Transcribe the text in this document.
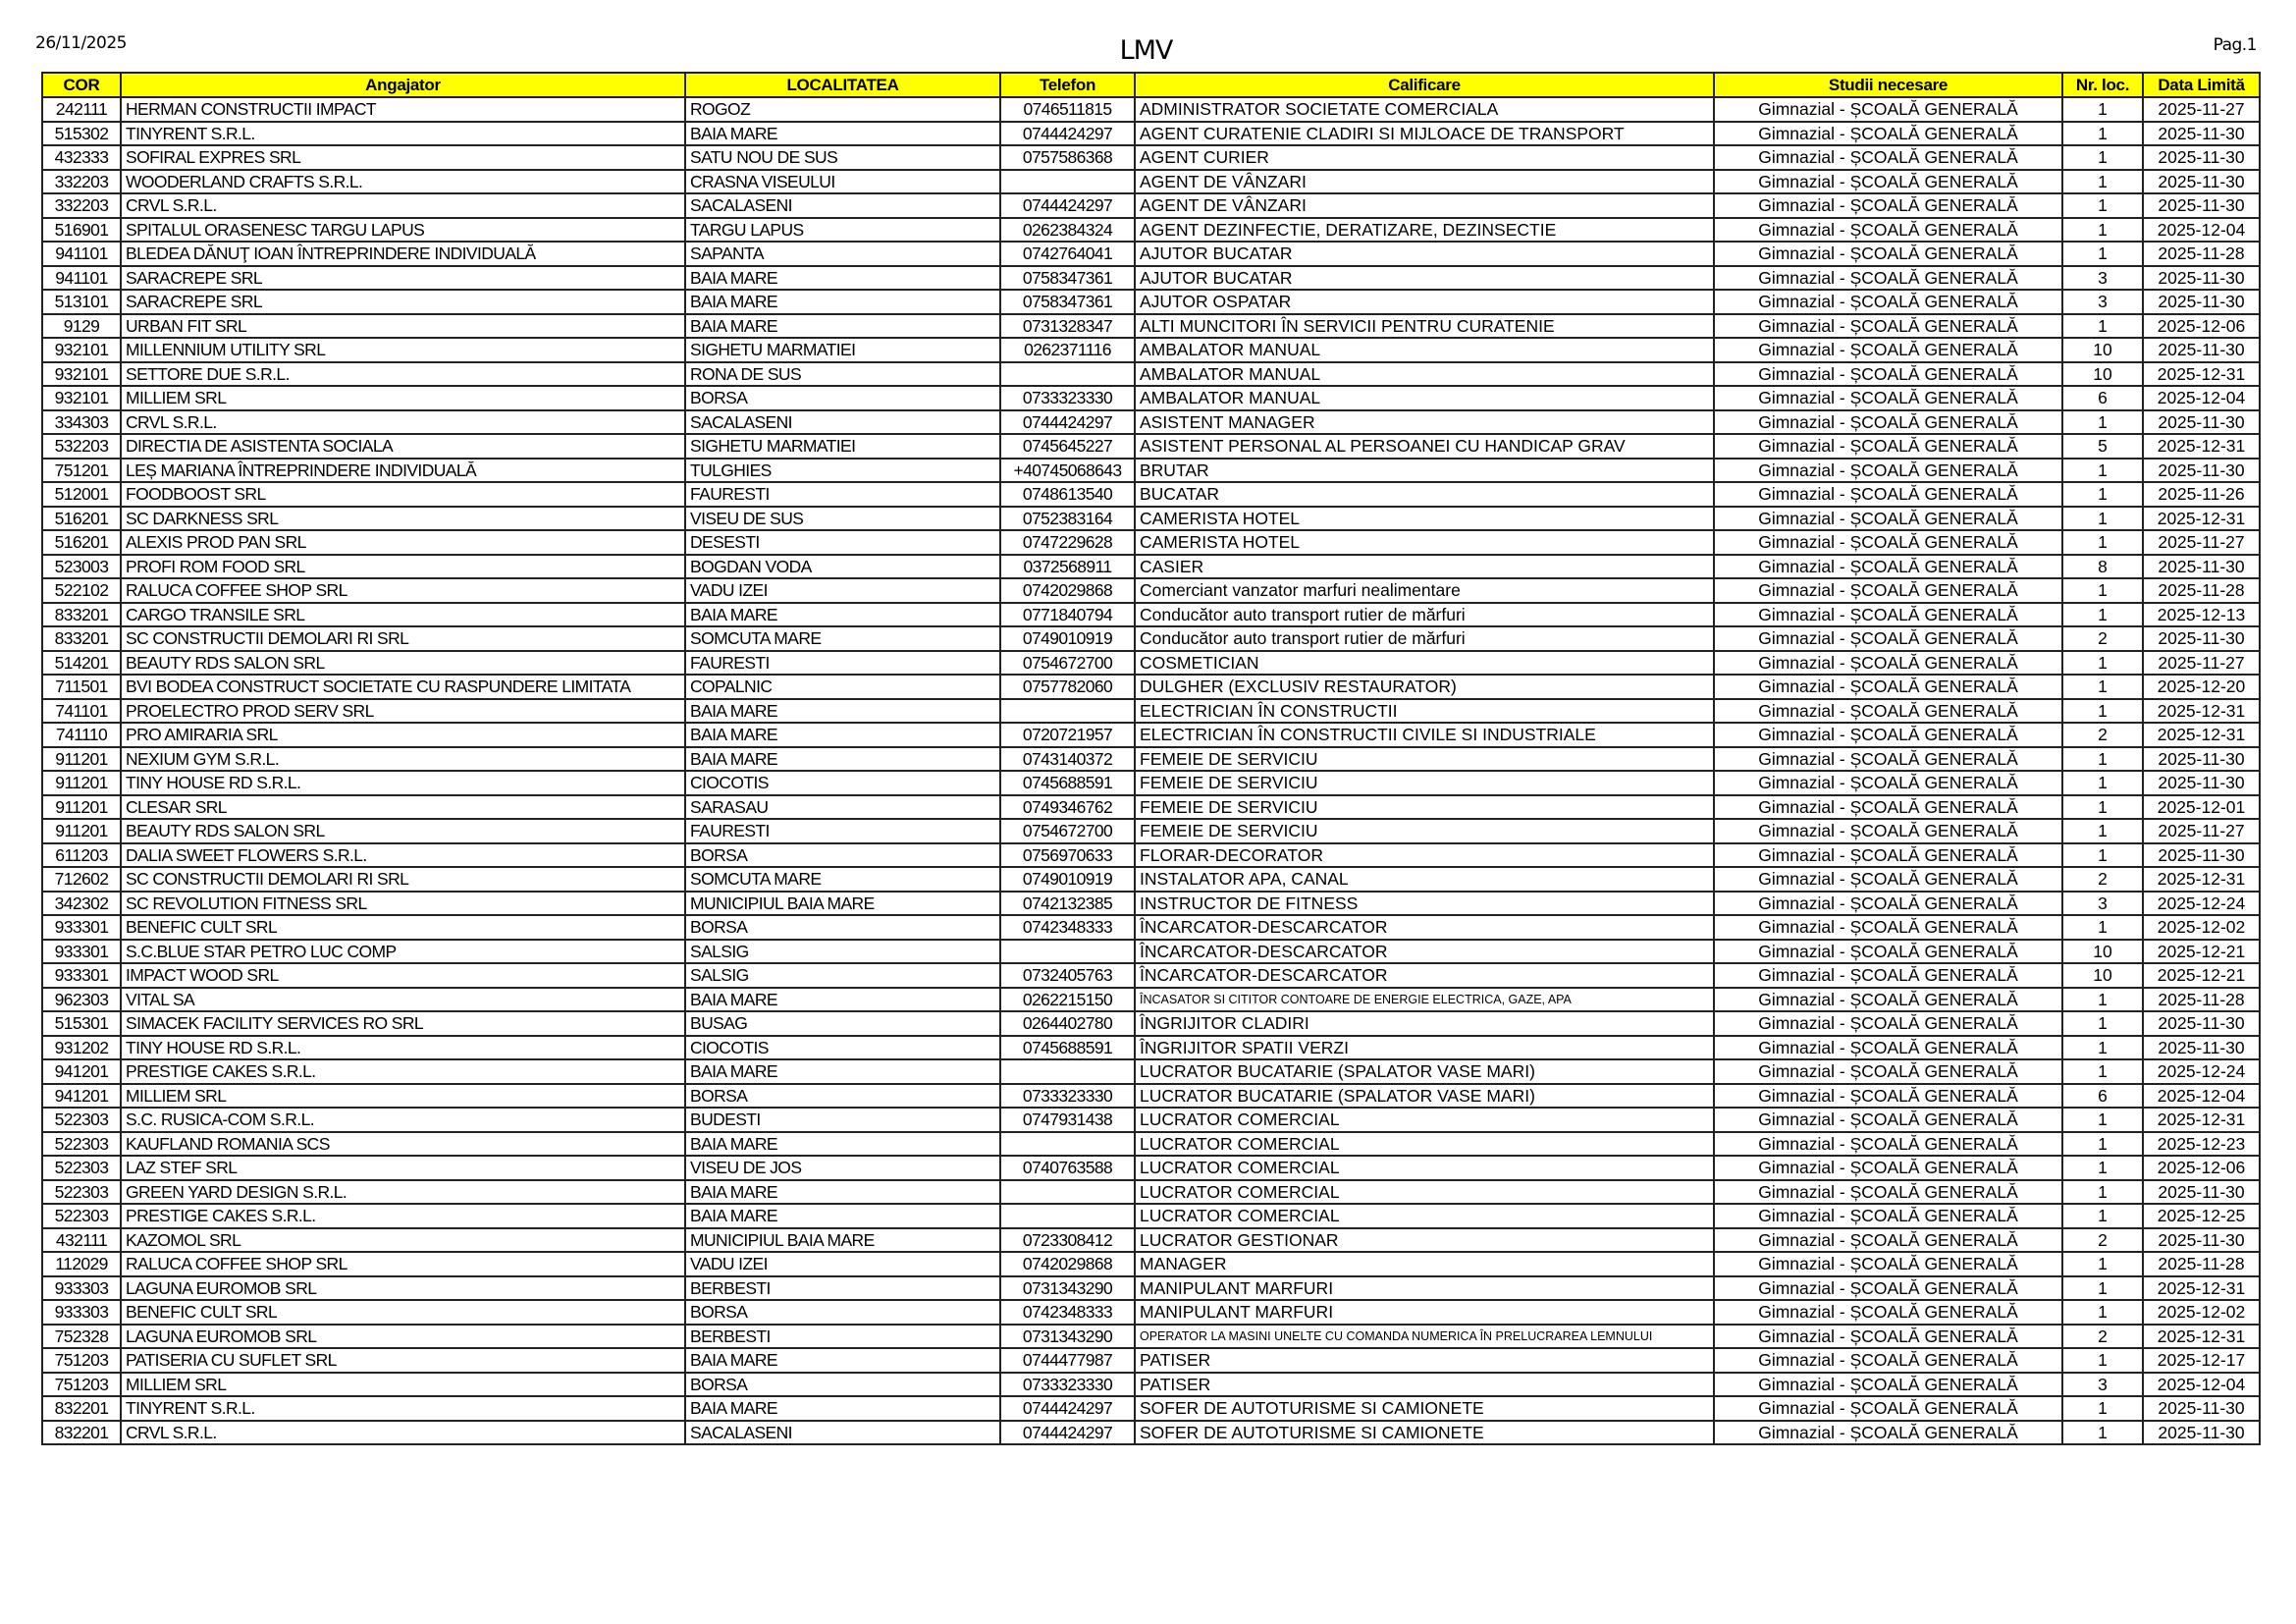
26/11/2025	LMV	Pag.1
COR	Angajator	LOCALITATEA	Telefon	Calificare	Studii necesare	Nr. loc.	Data Limită
242111	HERMAN CONSTRUCTII IMPACT	ROGOZ	0746511815	ADMINISTRATOR SOCIETATE COMERCIALA	Gimnazial - ȘCOALĂ GENERALĂ	1	2025-11-27
515302	TINYRENT S.R.L.	BAIA MARE	0744424297	AGENT CURATENIE CLADIRI SI MIJLOACE DE TRANSPORT	Gimnazial - ȘCOALĂ GENERALĂ	1	2025-11-30
432333	SOFIRAL EXPRES SRL	SATU NOU DE SUS	0757586368	AGENT CURIER	Gimnazial - ȘCOALĂ GENERALĂ	1	2025-11-30
332203	WOODERLAND CRAFTS S.R.L.	CRASNA VISEULUI		AGENT DE VÂNZARI	Gimnazial - ȘCOALĂ GENERALĂ	1	2025-11-30
332203	CRVL S.R.L.	SACALASENI	0744424297	AGENT DE VÂNZARI	Gimnazial - ȘCOALĂ GENERALĂ	1	2025-11-30
516901	SPITALUL ORASENESC TARGU LAPUS	TARGU LAPUS	0262384324	AGENT DEZINFECTIE, DERATIZARE, DEZINSECTIE	Gimnazial - ȘCOALĂ GENERALĂ	1	2025-12-04
941101	BLEDEA DĂNUŢ IOAN ÎNTREPRINDERE INDIVIDUALĂ	SAPANTA	0742764041	AJUTOR BUCATAR	Gimnazial - ȘCOALĂ GENERALĂ	1	2025-11-28
941101	SARACREPE SRL	BAIA MARE	0758347361	AJUTOR BUCATAR	Gimnazial - ȘCOALĂ GENERALĂ	3	2025-11-30
513101	SARACREPE SRL	BAIA MARE	0758347361	AJUTOR OSPATAR	Gimnazial - ȘCOALĂ GENERALĂ	3	2025-11-30
9129	URBAN FIT SRL	BAIA MARE	0731328347	ALTI MUNCITORI ÎN SERVICII PENTRU CURATENIE	Gimnazial - ȘCOALĂ GENERALĂ	1	2025-12-06
932101	MILLENNIUM UTILITY SRL	SIGHETU MARMATIEI	0262371116	AMBALATOR MANUAL	Gimnazial - ȘCOALĂ GENERALĂ	10	2025-11-30
932101	SETTORE DUE S.R.L.	RONA DE SUS		AMBALATOR MANUAL	Gimnazial - ȘCOALĂ GENERALĂ	10	2025-12-31
932101	MILLIEM SRL	BORSA	0733323330	AMBALATOR MANUAL	Gimnazial - ȘCOALĂ GENERALĂ	6	2025-12-04
334303	CRVL S.R.L.	SACALASENI	0744424297	ASISTENT MANAGER	Gimnazial - ȘCOALĂ GENERALĂ	1	2025-11-30
532203	DIRECTIA DE ASISTENTA SOCIALA	SIGHETU MARMATIEI	0745645227	ASISTENT PERSONAL AL PERSOANEI CU HANDICAP GRAV	Gimnazial - ȘCOALĂ GENERALĂ	5	2025-12-31
751201	LEȘ MARIANA ÎNTREPRINDERE INDIVIDUALĂ	TULGHIES	+40745068643	BRUTAR	Gimnazial - ȘCOALĂ GENERALĂ	1	2025-11-30
512001	FOODBOOST SRL	FAURESTI	0748613540	BUCATAR	Gimnazial - ȘCOALĂ GENERALĂ	1	2025-11-26
516201	SC DARKNESS SRL	VISEU DE SUS	0752383164	CAMERISTA HOTEL	Gimnazial - ȘCOALĂ GENERALĂ	1	2025-12-31
516201	ALEXIS PROD PAN SRL	DESESTI	0747229628	CAMERISTA HOTEL	Gimnazial - ȘCOALĂ GENERALĂ	1	2025-11-27
523003	PROFI ROM FOOD SRL	BOGDAN VODA	0372568911	CASIER	Gimnazial - ȘCOALĂ GENERALĂ	8	2025-11-30
522102	RALUCA COFFEE SHOP SRL	VADU IZEI	0742029868	Comerciant vanzator marfuri nealimentare	Gimnazial - ȘCOALĂ GENERALĂ	1	2025-11-28
833201	CARGO TRANSILE SRL	BAIA MARE	0771840794	Conducător auto transport rutier de mărfuri	Gimnazial - ȘCOALĂ GENERALĂ	1	2025-12-13
833201	SC CONSTRUCTII DEMOLARI RI SRL	SOMCUTA MARE	0749010919	Conducător auto transport rutier de mărfuri	Gimnazial - ȘCOALĂ GENERALĂ	2	2025-11-30
514201	BEAUTY RDS SALON SRL	FAURESTI	0754672700	COSMETICIAN	Gimnazial - ȘCOALĂ GENERALĂ	1	2025-11-27
711501	BVI BODEA CONSTRUCT SOCIETATE CU RASPUNDERE LIMITATA	COPALNIC	0757782060	DULGHER (EXCLUSIV RESTAURATOR)	Gimnazial - ȘCOALĂ GENERALĂ	1	2025-12-20
741101	PROELECTRO PROD SERV SRL	BAIA MARE		ELECTRICIAN ÎN CONSTRUCTII	Gimnazial - ȘCOALĂ GENERALĂ	1	2025-12-31
741110	PRO AMIRARIA SRL	BAIA MARE	0720721957	ELECTRICIAN ÎN CONSTRUCTII CIVILE SI INDUSTRIALE	Gimnazial - ȘCOALĂ GENERALĂ	2	2025-12-31
911201	NEXIUM GYM S.R.L.	BAIA MARE	0743140372	FEMEIE DE SERVICIU	Gimnazial - ȘCOALĂ GENERALĂ	1	2025-11-30
911201	TINY HOUSE RD S.R.L.	CIOCOTIS	0745688591	FEMEIE DE SERVICIU	Gimnazial - ȘCOALĂ GENERALĂ	1	2025-11-30
911201	CLESAR SRL	SARASAU	0749346762	FEMEIE DE SERVICIU	Gimnazial - ȘCOALĂ GENERALĂ	1	2025-12-01
911201	BEAUTY RDS SALON SRL	FAURESTI	0754672700	FEMEIE DE SERVICIU	Gimnazial - ȘCOALĂ GENERALĂ	1	2025-11-27
611203	DALIA SWEET FLOWERS S.R.L.	BORSA	0756970633	FLORAR-DECORATOR	Gimnazial - ȘCOALĂ GENERALĂ	1	2025-11-30
712602	SC CONSTRUCTII DEMOLARI RI SRL	SOMCUTA MARE	0749010919	INSTALATOR APA, CANAL	Gimnazial - ȘCOALĂ GENERALĂ	2	2025-12-31
342302	SC REVOLUTION FITNESS SRL	MUNICIPIUL BAIA MARE	0742132385	INSTRUCTOR DE FITNESS	Gimnazial - ȘCOALĂ GENERALĂ	3	2025-12-24
933301	BENEFIC CULT SRL	BORSA	0742348333	ÎNCARCATOR-DESCARCATOR	Gimnazial - ȘCOALĂ GENERALĂ	1	2025-12-02
933301	S.C.BLUE STAR PETRO LUC COMP	SALSIG		ÎNCARCATOR-DESCARCATOR	Gimnazial - ȘCOALĂ GENERALĂ	10	2025-12-21
933301	IMPACT WOOD SRL	SALSIG	0732405763	ÎNCARCATOR-DESCARCATOR	Gimnazial - ȘCOALĂ GENERALĂ	10	2025-12-21
962303	VITAL SA	BAIA MARE	0262215150	ÎNCASATOR SI CITITOR CONTOARE DE ENERGIE ELECTRICA, GAZE, APA	Gimnazial - ȘCOALĂ GENERALĂ	1	2025-11-28
515301	SIMACEK FACILITY SERVICES RO SRL	BUSAG	0264402780	ÎNGRIJITOR CLADIRI	Gimnazial - ȘCOALĂ GENERALĂ	1	2025-11-30
931202	TINY HOUSE RD S.R.L.	CIOCOTIS	0745688591	ÎNGRIJITOR SPATII VERZI	Gimnazial - ȘCOALĂ GENERALĂ	1	2025-11-30
941201	PRESTIGE CAKES S.R.L.	BAIA MARE		LUCRATOR BUCATARIE (SPALATOR VASE MARI)	Gimnazial - ȘCOALĂ GENERALĂ	1	2025-12-24
941201	MILLIEM SRL	BORSA	0733323330	LUCRATOR BUCATARIE (SPALATOR VASE MARI)	Gimnazial - ȘCOALĂ GENERALĂ	6	2025-12-04
522303	S.C. RUSICA-COM S.R.L.	BUDESTI	0747931438	LUCRATOR COMERCIAL	Gimnazial - ȘCOALĂ GENERALĂ	1	2025-12-31
522303	KAUFLAND ROMANIA SCS	BAIA MARE		LUCRATOR COMERCIAL	Gimnazial - ȘCOALĂ GENERALĂ	1	2025-12-23
522303	LAZ STEF SRL	VISEU DE JOS	0740763588	LUCRATOR COMERCIAL	Gimnazial - ȘCOALĂ GENERALĂ	1	2025-12-06
522303	GREEN YARD DESIGN S.R.L.	BAIA MARE		LUCRATOR COMERCIAL	Gimnazial - ȘCOALĂ GENERALĂ	1	2025-11-30
522303	PRESTIGE CAKES S.R.L.	BAIA MARE		LUCRATOR COMERCIAL	Gimnazial - ȘCOALĂ GENERALĂ	1	2025-12-25
432111	KAZOMOL SRL	MUNICIPIUL BAIA MARE	0723308412	LUCRATOR GESTIONAR	Gimnazial - ȘCOALĂ GENERALĂ	2	2025-11-30
112029	RALUCA COFFEE SHOP SRL	VADU IZEI	0742029868	MANAGER	Gimnazial - ȘCOALĂ GENERALĂ	1	2025-11-28
933303	LAGUNA EUROMOB SRL	BERBESTI	0731343290	MANIPULANT MARFURI	Gimnazial - ȘCOALĂ GENERALĂ	1	2025-12-31
933303	BENEFIC CULT SRL	BORSA	0742348333	MANIPULANT MARFURI	Gimnazial - ȘCOALĂ GENERALĂ	1	2025-12-02
752328	LAGUNA EUROMOB SRL	BERBESTI	0731343290	OPERATOR LA MASINI UNELTE CU COMANDA NUMERICA ÎN PRELUCRAREA LEMNULUI	Gimnazial - ȘCOALĂ GENERALĂ	2	2025-12-31
751203	PATISERIA CU SUFLET SRL	BAIA MARE	0744477987	PATISER	Gimnazial - ȘCOALĂ GENERALĂ	1	2025-12-17
751203	MILLIEM SRL	BORSA	0733323330	PATISER	Gimnazial - ȘCOALĂ GENERALĂ	3	2025-12-04
832201	TINYRENT S.R.L.	BAIA MARE	0744424297	SOFER DE AUTOTURISME SI CAMIONETE	Gimnazial - ȘCOALĂ GENERALĂ	1	2025-11-30
832201	CRVL S.R.L.	SACALASENI	0744424297	SOFER DE AUTOTURISME SI CAMIONETE	Gimnazial - ȘCOALĂ GENERALĂ	1	2025-11-30
